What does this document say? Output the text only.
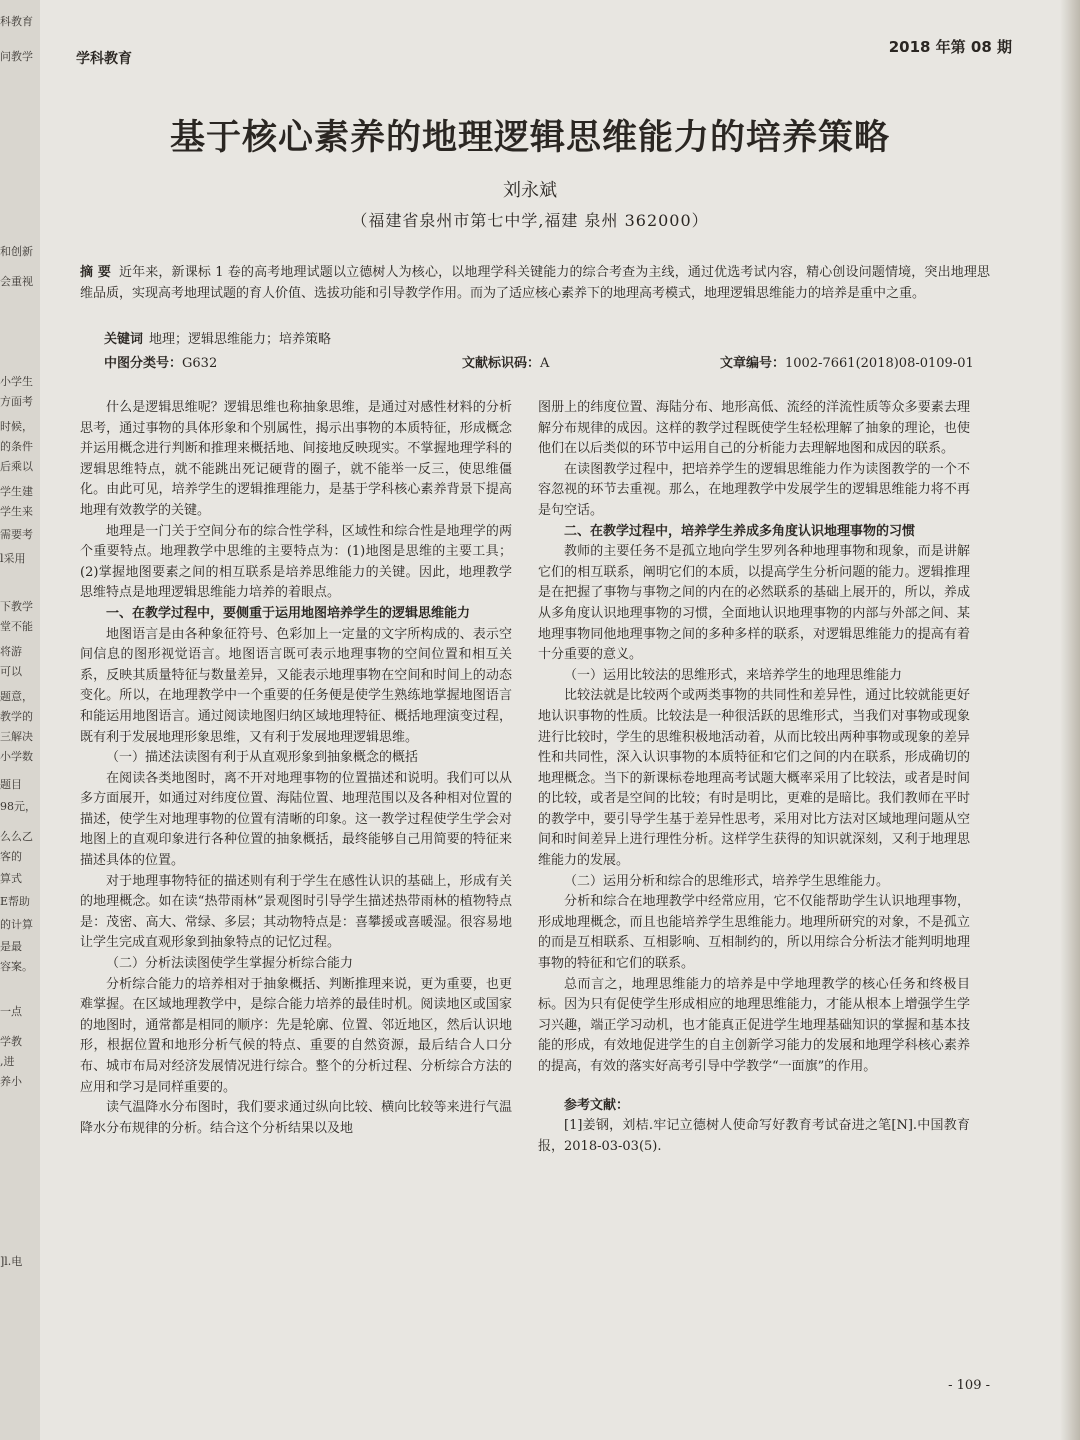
科教育
问教学
和创新
会重视
小学生
方面考
时候，
的条件
后乘以
学生建
学生来
需要考
l采用
下教学
堂不能
将游
可以
题意，
教学的
三解决
小学数
题目
98元，
么么乙
客的
算式
E帮助
的计算
是最
容案。
一点
学教
,进
养小
]l.电
学科教育
2018 年第 08 期
基于核心素养的地理逻辑思维能力的培养策略
刘永斌
（福建省泉州市第七中学,福建 泉州 362000）
摘 要 近年来，新课标 1 卷的高考地理试题以立德树人为核心，以地理学科关键能力的综合考查为主线，通过优选考试内容，精心创设问题情境，突出地理思维品质，实现高考地理试题的育人价值、选拔功能和引导教学作用。而为了适应核心素养下的地理高考模式，地理逻辑思维能力的培养是重中之重。
关键词 地理；逻辑思维能力；培养策略
中图分类号：G632	文献标识码：A	文章编号：1002-7661(2018)08-0109-01

什么是逻辑思维呢？逻辑思维也称抽象思维，是通过对感性材料的分析思考，通过事物的具体形象和个别属性，揭示出事物的本质特征，形成概念并运用概念进行判断和推理来概括地、间接地反映现实。不掌握地理学科的逻辑思维特点，就不能跳出死记硬背的圈子，就不能举一反三，使思维僵化。由此可见，培养学生的逻辑推理能力，是基于学科核心素养背景下提高地理有效教学的关键。

地理是一门关于空间分布的综合性学科，区域性和综合性是地理学的两个重要特点。地理教学中思维的主要特点为：(1)地图是思维的主要工具；(2)掌握地图要素之间的相互联系是培养思维能力的关键。因此，地理教学思维特点是地理逻辑思维能力培养的着眼点。

一、在教学过程中，要侧重于运用地图培养学生的逻辑思维能力

地图语言是由各种象征符号、色彩加上一定量的文字所构成的、表示空间信息的图形视觉语言。地图语言既可表示地理事物的空间位置和相互关系，反映其质量特征与数量差异，又能表示地理事物在空间和时间上的动态变化。所以，在地理教学中一个重要的任务便是使学生熟练地掌握地图语言和能运用地图语言。通过阅读地图归纳区域地理特征、概括地理演变过程，既有利于发展地理形象思维，又有利于发展地理逻辑思维。

（一）描述法读图有利于从直观形象到抽象概念的概括

在阅读各类地图时，离不开对地理事物的位置描述和说明。我们可以从多方面展开，如通过对纬度位置、海陆位置、地理范围以及各种相对位置的描述，使学生对地理事物的位置有清晰的印象。这一教学过程使学生学会对地图上的直观印象进行各种位置的抽象概括，最终能够自己用简要的特征来描述具体的位置。

对于地理事物特征的描述则有利于学生在感性认识的基础上，形成有关的地理概念。如在读“热带雨林”景观图时引导学生描述热带雨林的植物特点是：茂密、高大、常绿、多层；其动物特点是：喜攀援或喜暖湿。很容易地让学生完成直观形象到抽象特点的记忆过程。

（二）分析法读图使学生掌握分析综合能力

分析综合能力的培养相对于抽象概括、判断推理来说，更为重要，也更难掌握。在区域地理教学中，是综合能力培养的最佳时机。阅读地区或国家的地图时，通常都是相同的顺序：先是轮廓、位置、邻近地区，然后认识地形，根据位置和地形分析气候的特点、重要的自然资源，最后结合人口分布、城市布局对经济发展情况进行综合。整个的分析过程、分析综合方法的应用和学习是同样重要的。

读气温降水分布图时，我们要求通过纵向比较、横向比较等来进行气温降水分布规律的分析。结合这个分析结果以及地

图册上的纬度位置、海陆分布、地形高低、流经的洋流性质等众多要素去理解分布规律的成因。这样的教学过程既使学生轻松理解了抽象的理论，也使他们在以后类似的环节中运用自己的分析能力去理解地图和成因的联系。

在读图教学过程中，把培养学生的逻辑思维能力作为读图教学的一个不容忽视的环节去重视。那么，在地理教学中发展学生的逻辑思维能力将不再是句空话。

二、在教学过程中，培养学生养成多角度认识地理事物的习惯

教师的主要任务不是孤立地向学生罗列各种地理事物和现象，而是讲解它们的相互联系，阐明它们的本质，以提高学生分析问题的能力。逻辑推理是在把握了事物与事物之间的内在的必然联系的基础上展开的，所以，养成从多角度认识地理事物的习惯，全面地认识地理事物的内部与外部之间、某地理事物同他地理事物之间的多种多样的联系，对逻辑思维能力的提高有着十分重要的意义。

（一）运用比较法的思维形式，来培养学生的地理思维能力

比较法就是比较两个或两类事物的共同性和差异性，通过比较就能更好地认识事物的性质。比较法是一种很活跃的思维形式，当我们对事物或现象进行比较时，学生的思维积极地活动着，从而比较出两种事物或现象的差异性和共同性，深入认识事物的本质特征和它们之间的内在联系，形成确切的地理概念。当下的新课标卷地理高考试题大概率采用了比较法，或者是时间的比较，或者是空间的比较；有时是明比，更难的是暗比。我们教师在平时的教学中，要引导学生基于差异性思考，采用对比方法对区域地理问题从空间和时间差异上进行理性分析。这样学生获得的知识就深刻，又利于地理思维能力的发展。

（二）运用分析和综合的思维形式，培养学生思维能力。

分析和综合在地理教学中经常应用，它不仅能帮助学生认识地理事物，形成地理概念，而且也能培养学生思维能力。地理所研究的对象，不是孤立的而是互相联系、互相影响、互相制约的，所以用综合分析法才能判明地理事物的特征和它们的联系。

总而言之，地理思维能力的培养是中学地理教学的核心任务和终极目标。因为只有促使学生形成相应的地理思维能力，才能从根本上增强学生学习兴趣，端正学习动机，也才能真正促进学生地理基础知识的掌握和基本技能的形成，有效地促进学生的自主创新学习能力的发展和地理学科核心素养的提高，有效的落实好高考引导中学教学“一面旗”的作用。

参考文献：

[1]姜钢，刘桔.牢记立德树人使命写好教育考试奋进之笔[N].中国教育报，2018-03-03(5).

- 109 -
